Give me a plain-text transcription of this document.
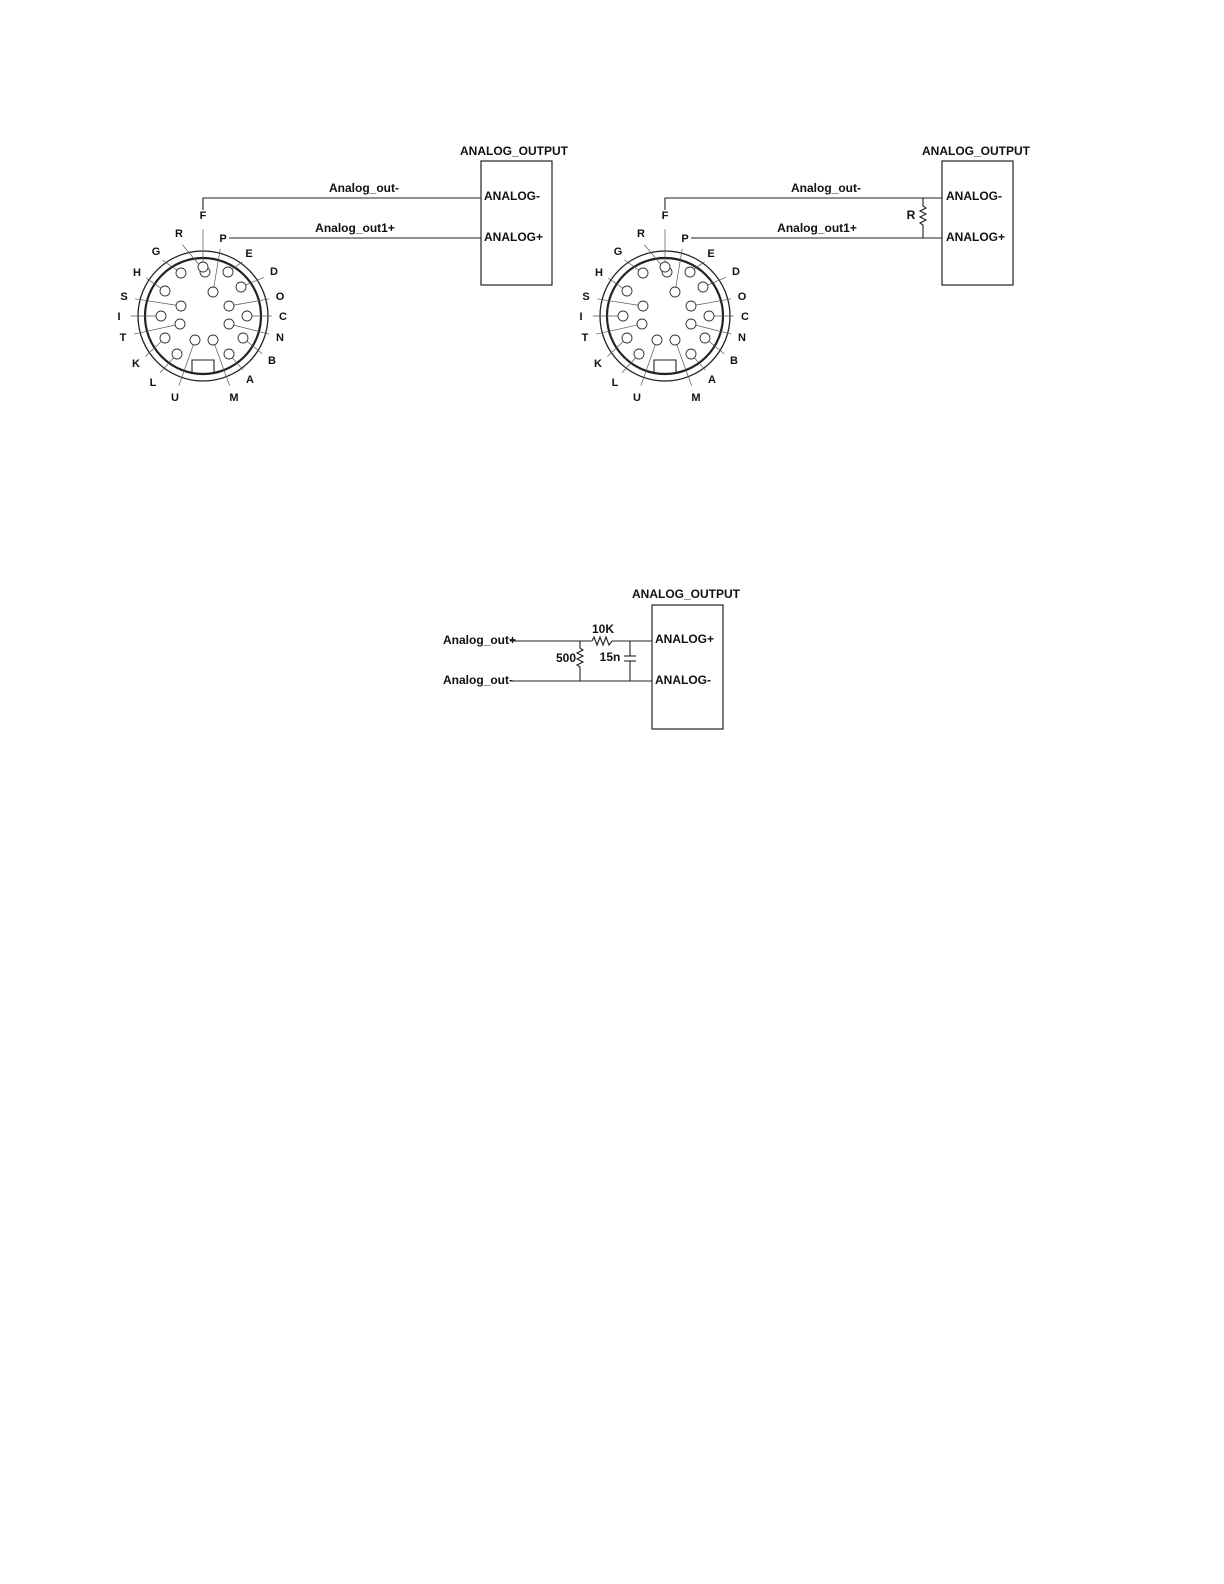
R
F
P
E
D
O
C
N
B
A
M
U
L
K
T
I
S
H
G
Analog_out-
Analog_out1+
ANALOG_OUTPUT
ANALOG-
ANALOG+	R
F
P
E
D
O
C
N
B
A
M
U
L
K
T
I
S
H
G
Analog_out-
Analog_out1+
R
ANALOG_OUTPUT
ANALOG-
ANALOG+
Analog_out+
Analog_out-
10K
500 15n
ANALOG_OUTPUT
ANALOG+
ANALOG-
